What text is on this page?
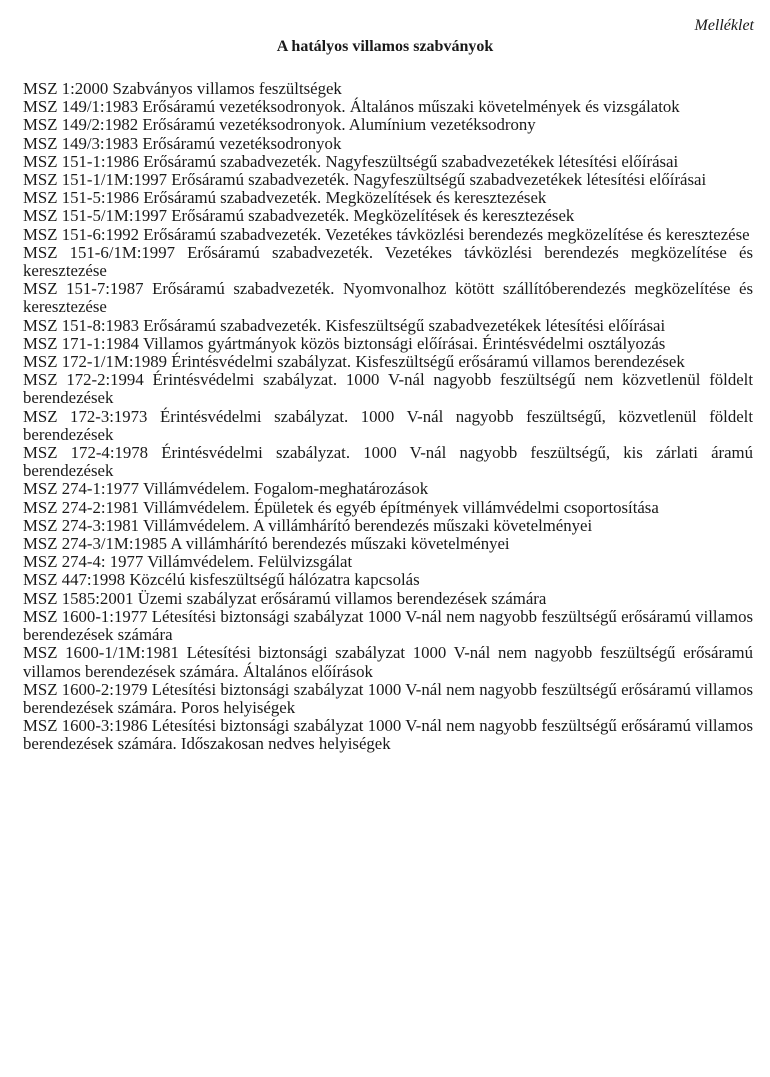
Melléklet
A hatályos villamos szabványok
MSZ 1:2000 Szabványos villamos feszültségek
MSZ 149/1:1983 Erősáramú vezetéksodronyok. Általános műszaki követelmények és vizsgálatok
MSZ 149/2:1982 Erősáramú vezetéksodronyok. Alumínium vezetéksodrony
MSZ 149/3:1983 Erősáramú vezetéksodronyok
MSZ 151-1:1986 Erősáramú szabadvezeték. Nagyfeszültségű szabadvezetékek létesítési előírásai
MSZ 151-1/1M:1997 Erősáramú szabadvezeték. Nagyfeszültségű szabadvezetékek létesítési előírásai
MSZ 151-5:1986 Erősáramú szabadvezeték. Megközelítések és keresztezések
MSZ 151-5/1M:1997 Erősáramú szabadvezeték. Megközelítések és keresztezések
MSZ 151-6:1992 Erősáramú szabadvezeték. Vezetékes távközlési berendezés megközelítése és keresztezése
MSZ 151-6/1M:1997 Erősáramú szabadvezeték. Vezetékes távközlési berendezés megközelítése és keresztezése
MSZ 151-7:1987 Erősáramú szabadvezeték. Nyomvonalhoz kötött szállítóberendezés megközelítése és keresztezése
MSZ 151-8:1983 Erősáramú szabadvezeték. Kisfeszültségű szabadvezetékek létesítési előírásai
MSZ 171-1:1984 Villamos gyártmányok közös biztonsági előírásai. Érintésvédelmi osztályozás
MSZ 172-1/1M:1989 Érintésvédelmi szabályzat. Kisfeszültségű erősáramú villamos berendezések
MSZ 172-2:1994 Érintésvédelmi szabályzat. 1000 V-nál nagyobb feszültségű nem közvetlenül földelt berendezések
MSZ 172-3:1973 Érintésvédelmi szabályzat. 1000 V-nál nagyobb feszültségű, közvetlenül földelt berendezések
MSZ 172-4:1978 Érintésvédelmi szabályzat. 1000 V-nál nagyobb feszültségű, kis zárlati áramú berendezések
MSZ 274-1:1977 Villámvédelem. Fogalom-meghatározások
MSZ 274-2:1981 Villámvédelem. Épületek és egyéb építmények villámvédelmi csoportosítása
MSZ 274-3:1981 Villámvédelem. A villámhárító berendezés műszaki követelményei
MSZ 274-3/1M:1985 A villámhárító berendezés műszaki követelményei
MSZ 274-4: 1977 Villámvédelem. Felülvizsgálat
MSZ 447:1998 Közcélú kisfeszültségű hálózatra kapcsolás
MSZ 1585:2001 Üzemi szabályzat erősáramú villamos berendezések számára
MSZ 1600-1:1977 Létesítési biztonsági szabályzat 1000 V-nál nem nagyobb feszültségű erősáramú villamos berendezések számára
MSZ 1600-1/1M:1981 Létesítési biztonsági szabályzat 1000 V-nál nem nagyobb feszültségű erősáramú villamos berendezések számára. Általános előírások
MSZ 1600-2:1979 Létesítési biztonsági szabályzat 1000 V-nál nem nagyobb feszültségű erősáramú villamos berendezések számára. Poros helyiségek
MSZ 1600-3:1986 Létesítési biztonsági szabályzat 1000 V-nál nem nagyobb feszültségű erősáramú villamos berendezések számára. Időszakosan nedves helyiségek
